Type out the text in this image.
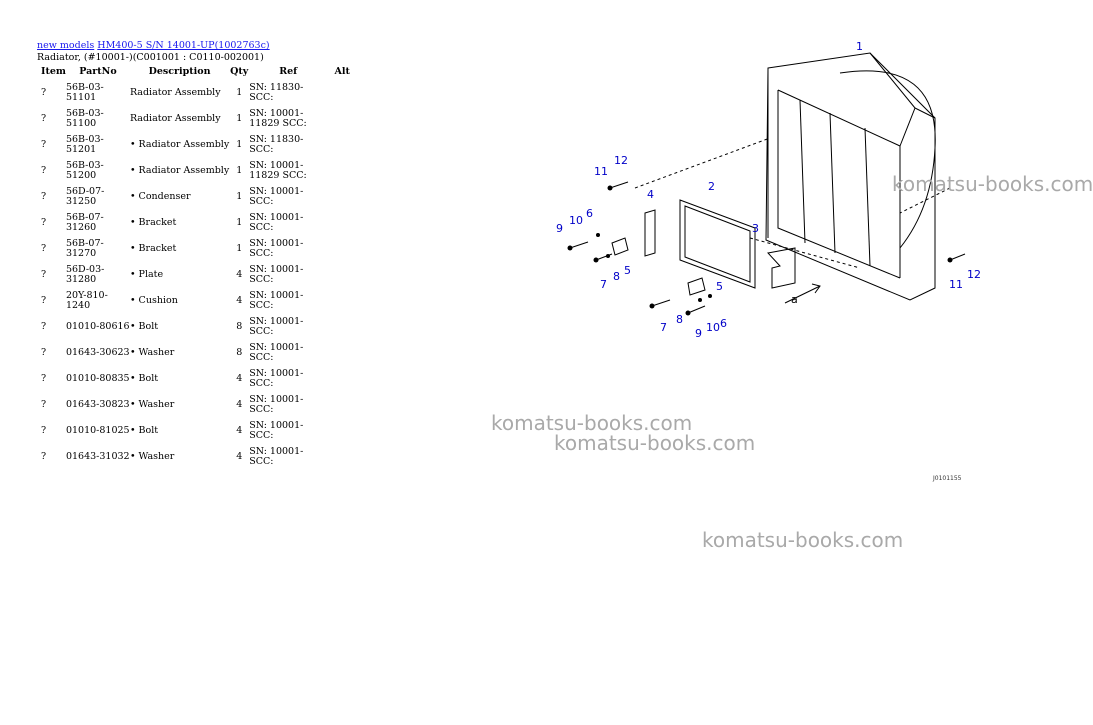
new models HM400-5 S/N 14001-UP(1002763c)
Radiator, (#10001-)(C001001 : C0110-002001)
Item	PartNo	Description	Qty	Ref	Alt
?	56B-03-51101	Radiator Assembly	1	SN: 11830-SCC:	

?	56B-03-51100	Radiator Assembly	1	SN: 10001-11829 SCC:	

?	56B-03-51201	• Radiator Assembly	1	SN: 11830-SCC:	

?	56B-03-51200	• Radiator Assembly	1	SN: 10001-11829 SCC:	

?	56D-07-31250	• Condenser	1	SN: 10001-SCC:	

?	56B-07-31260	• Bracket	1	SN: 10001-SCC:	

?	56B-07-31270	• Bracket	1	SN: 10001-SCC:	

?	56D-03-31280	• Plate	4	SN: 10001-SCC:	

?	20Y-810-1240	• Cushion	4	SN: 10001-SCC:	

?	01010-80616	• Bolt	8	SN: 10001-SCC:	

?	01643-30623	• Washer	8	SN: 10001-SCC:	

?	01010-80835	• Bolt	4	SN: 10001-SCC:	

?	01643-30823	• Washer	4	SN: 10001-SCC:	

?	01010-81025	• Bolt	4	SN: 10001-SCC:	

?	01643-31032	• Washer	4	SN: 10001-SCC:	

1
2
3
4
5
5
6
6
7
7
8
8
9
9
10
10
11
11
12
12
a
J0101155
komatsu-books.com
komatsu-books.com
komatsu-books.com
komatsu-books.com
